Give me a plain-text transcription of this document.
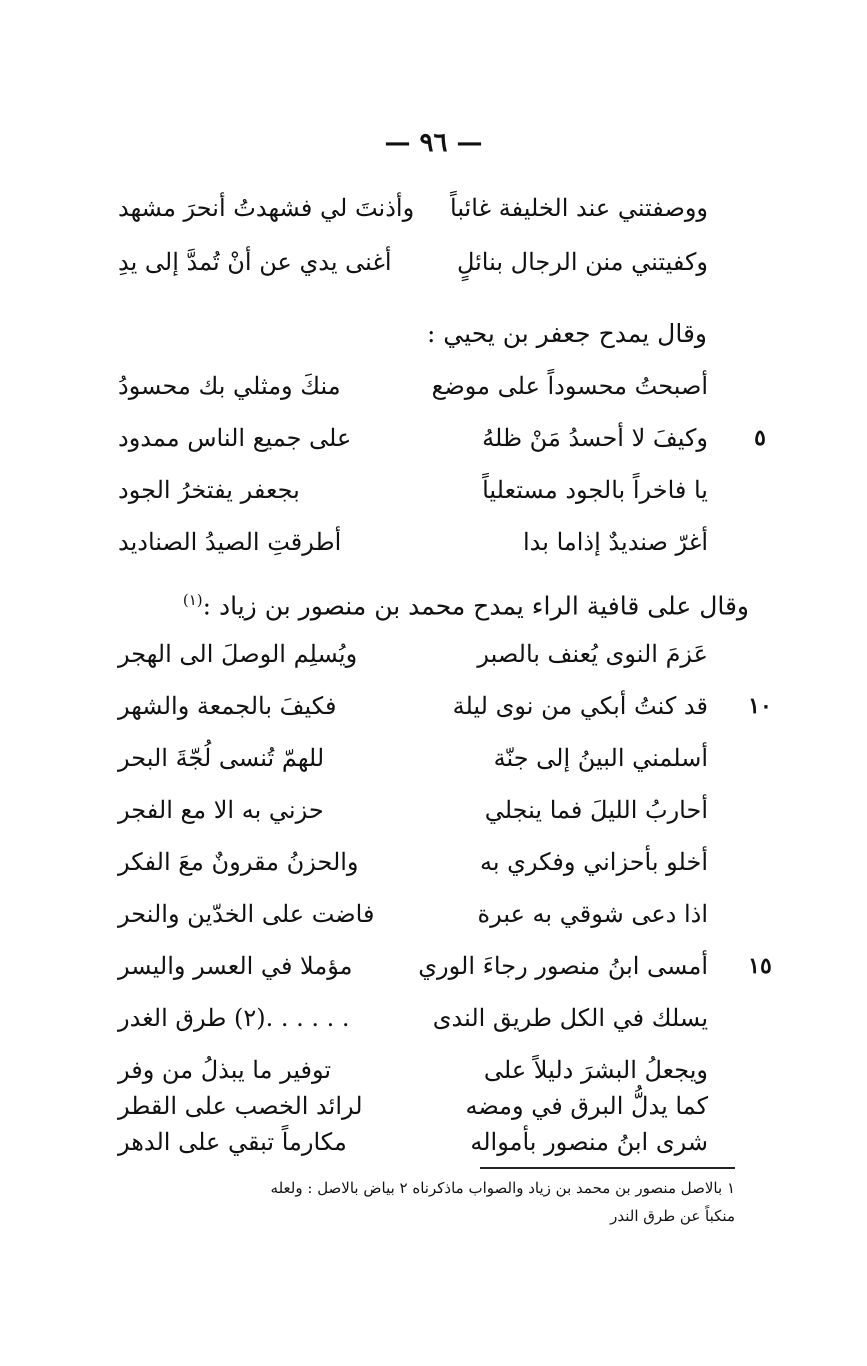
— ٩٦ —
ووصفتني عند الخليفة غائباً
وأذنتَ لي فشهدتُ أنحرَ مشهد
وكفيتني منن الرجال بنائلٍ
أغنى يدي عن أنْ تُمدَّ إلى يدِ
وقال يمدح جعفر بن يحيي :
أصبحتُ محسوداً على موضع
منكَ ومثلي بك محسودُ
٥
وكيفَ لا أحسدُ مَنْ ظلهُ
على جميع الناس ممدود
يا فاخراً بالجود مستعلياً
بجعفر يفتخرُ الجود
أغرّ صنديدٌ إذاما بدا
أطرقتِ الصيدُ الصناديد
وقال على قافية الراء يمدح محمد بن منصور بن زياد :$^{(١)}$
عَزمَ النوى يُعنف بالصبر
ويُسلِم الوصلَ الى الهجر
١٠
قد كنتُ أبكي من نوى ليلة
فكيفَ بالجمعة والشهر
أسلمني البينُ إلى جنّة
للهمّ تُنسى لُجّةَ البحر
أحاربُ الليلَ فما ينجلي
حزني به الا مع الفجر
أخلو بأحزاني وفكري به
والحزنُ مقرونٌ معَ الفكر
اذا دعى شوقي به عبرة
فاضت على الخدّين والنحر
١٥
أمسى ابنُ منصور رجاءَ الوري
مؤملا في العسر واليسر
يسلك في الكل طريق الندى
. . . . . .(٢) طرق الغدر
ويجعلُ البشرَ دليلاً على
توفير ما يبذلُ من وفر
كما يدلُّ البرق في ومضه
لرائد الخصب على القطر
شرى ابنُ منصور بأمواله
مكارماً تبقي على الدهر
١ بالاصل منصور بن محمد بن زياد والصواب ماذكرناه ٢ بياض بالاصل : ولعله
منكباً عن طرق الندر
